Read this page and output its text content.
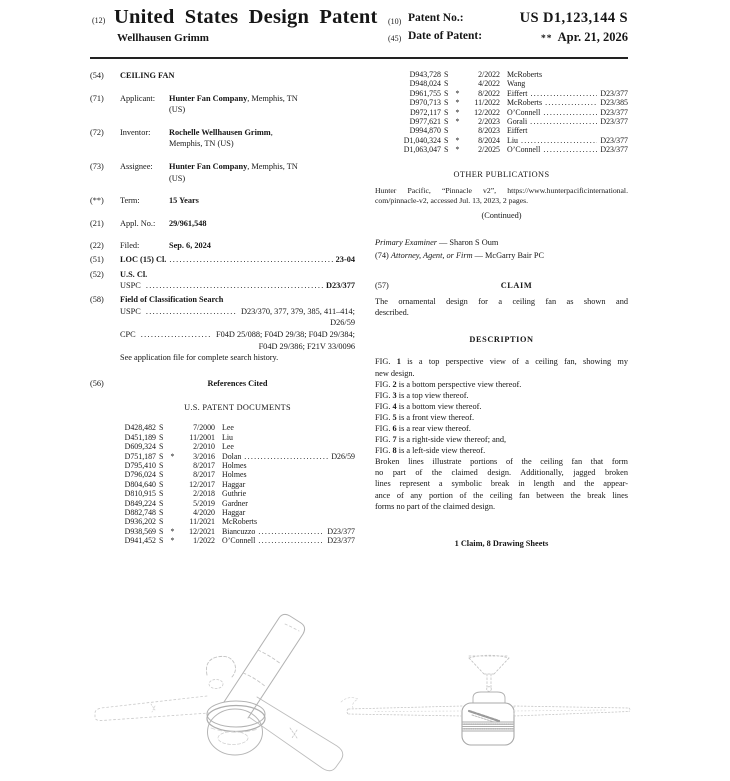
(12) United States Design Patent
Wellhausen Grimm
(10) Patent No.:	US D1,123,144 S
(45) Date of Patent:	** Apr. 21, 2026
(54)	CEILING FAN
(71)	Applicant:	Hunter Fan Company , Memphis, TN
(US)
(72)	Inventor:	Rochelle Wellhausen Grimm ,
Memphis, TN (US)
(73)	Assignee:	Hunter Fan Company , Memphis, TN
(US)
(**)	Term:	15 Years
(21)	Appl. No.:	29/961,548
(22)	Filed:	Sep. 6, 2024
(51)	LOC (15) Cl. .....	23-04
(52)	U.S. Cl.
USPC .....	D23/377
(58)	Field of Classification Search
USPC .....	D23/370, 377, 379, 385, 411–414;
D26/59
CPC .....	F04D 25/088; F04D 29/38; F04D 29/384;
F04D 29/386; F21V 33/0096
See application file for complete search history.
(56)	References Cited
U.S. PATENT DOCUMENTS
D428,482 S	7/2000 Lee
D451,189 S	11/2001 Liu
D609,324 S	2/2010 Lee
D751,187 S *	3/2016 Dolan .....	D26/59
D795,410 S	8/2017 Holmes
D796,024 S	8/2017 Holmes
D804,640 S	12/2017 Haggar
D810,915 S	2/2018 Guthrie
D849,224 S	5/2019 Gardner
D882,748 S	4/2020 Haggar
D936,202 S	11/2021 McRoberts
D938,569 S *	12/2021 Biancuzzo .....	D23/377
D941,452 S *	1/2022 O’Connell .....	D23/377
D943,728 S	2/2022 McRoberts
D948,024 S	4/2022 Wang
D961,755 S *	8/2022 Eiffert .....	D23/377
D970,713 S *	11/2022 McRoberts .....	D23/385
D972,117 S *	12/2022 O’Connell .....	D23/377
D977,621 S *	2/2023 Gorali .....	D23/377
D994,870 S	8/2023 Eiffert
D1,040,324 S *	8/2024 Liu .....	D23/377
D1,063,047 S *	2/2025 O’Connell .....	D23/377
OTHER PUBLICATIONS
Hunter Pacific, “Pinnacle v2”, https://www.hunterpacificinternational.
com/pinnacle-v2, accessed Jul. 13, 2023, 2 pages.
(Continued)
Primary Examiner — Sharon S Oum
(74) Attorney, Agent, or Firm — McGarry Bair PC
(57)	CLAIM
The ornamental design for a ceiling fan as shown and
described.
DESCRIPTION
FIG. 1 is a top perspective view of a ceiling fan, showing my
new design.
FIG. 2 is a bottom perspective view thereof.
FIG. 3 is a top view thereof.
FIG. 4 is a bottom view thereof.
FIG. 5 is a front view thereof.
FIG. 6 is a rear view thereof.
FIG. 7 is a right-side view thereof; and,
FIG. 8 is a left-side view thereof.
Broken lines illustrate portions of the ceiling fan that form
no part of the claimed design. Additionally, jagged broken
lines represent a symbolic break in length and the appear-
ance of any portion of the ceiling fan between the break lines
forms no part of the claimed design.
1 Claim, 8 Drawing Sheets
